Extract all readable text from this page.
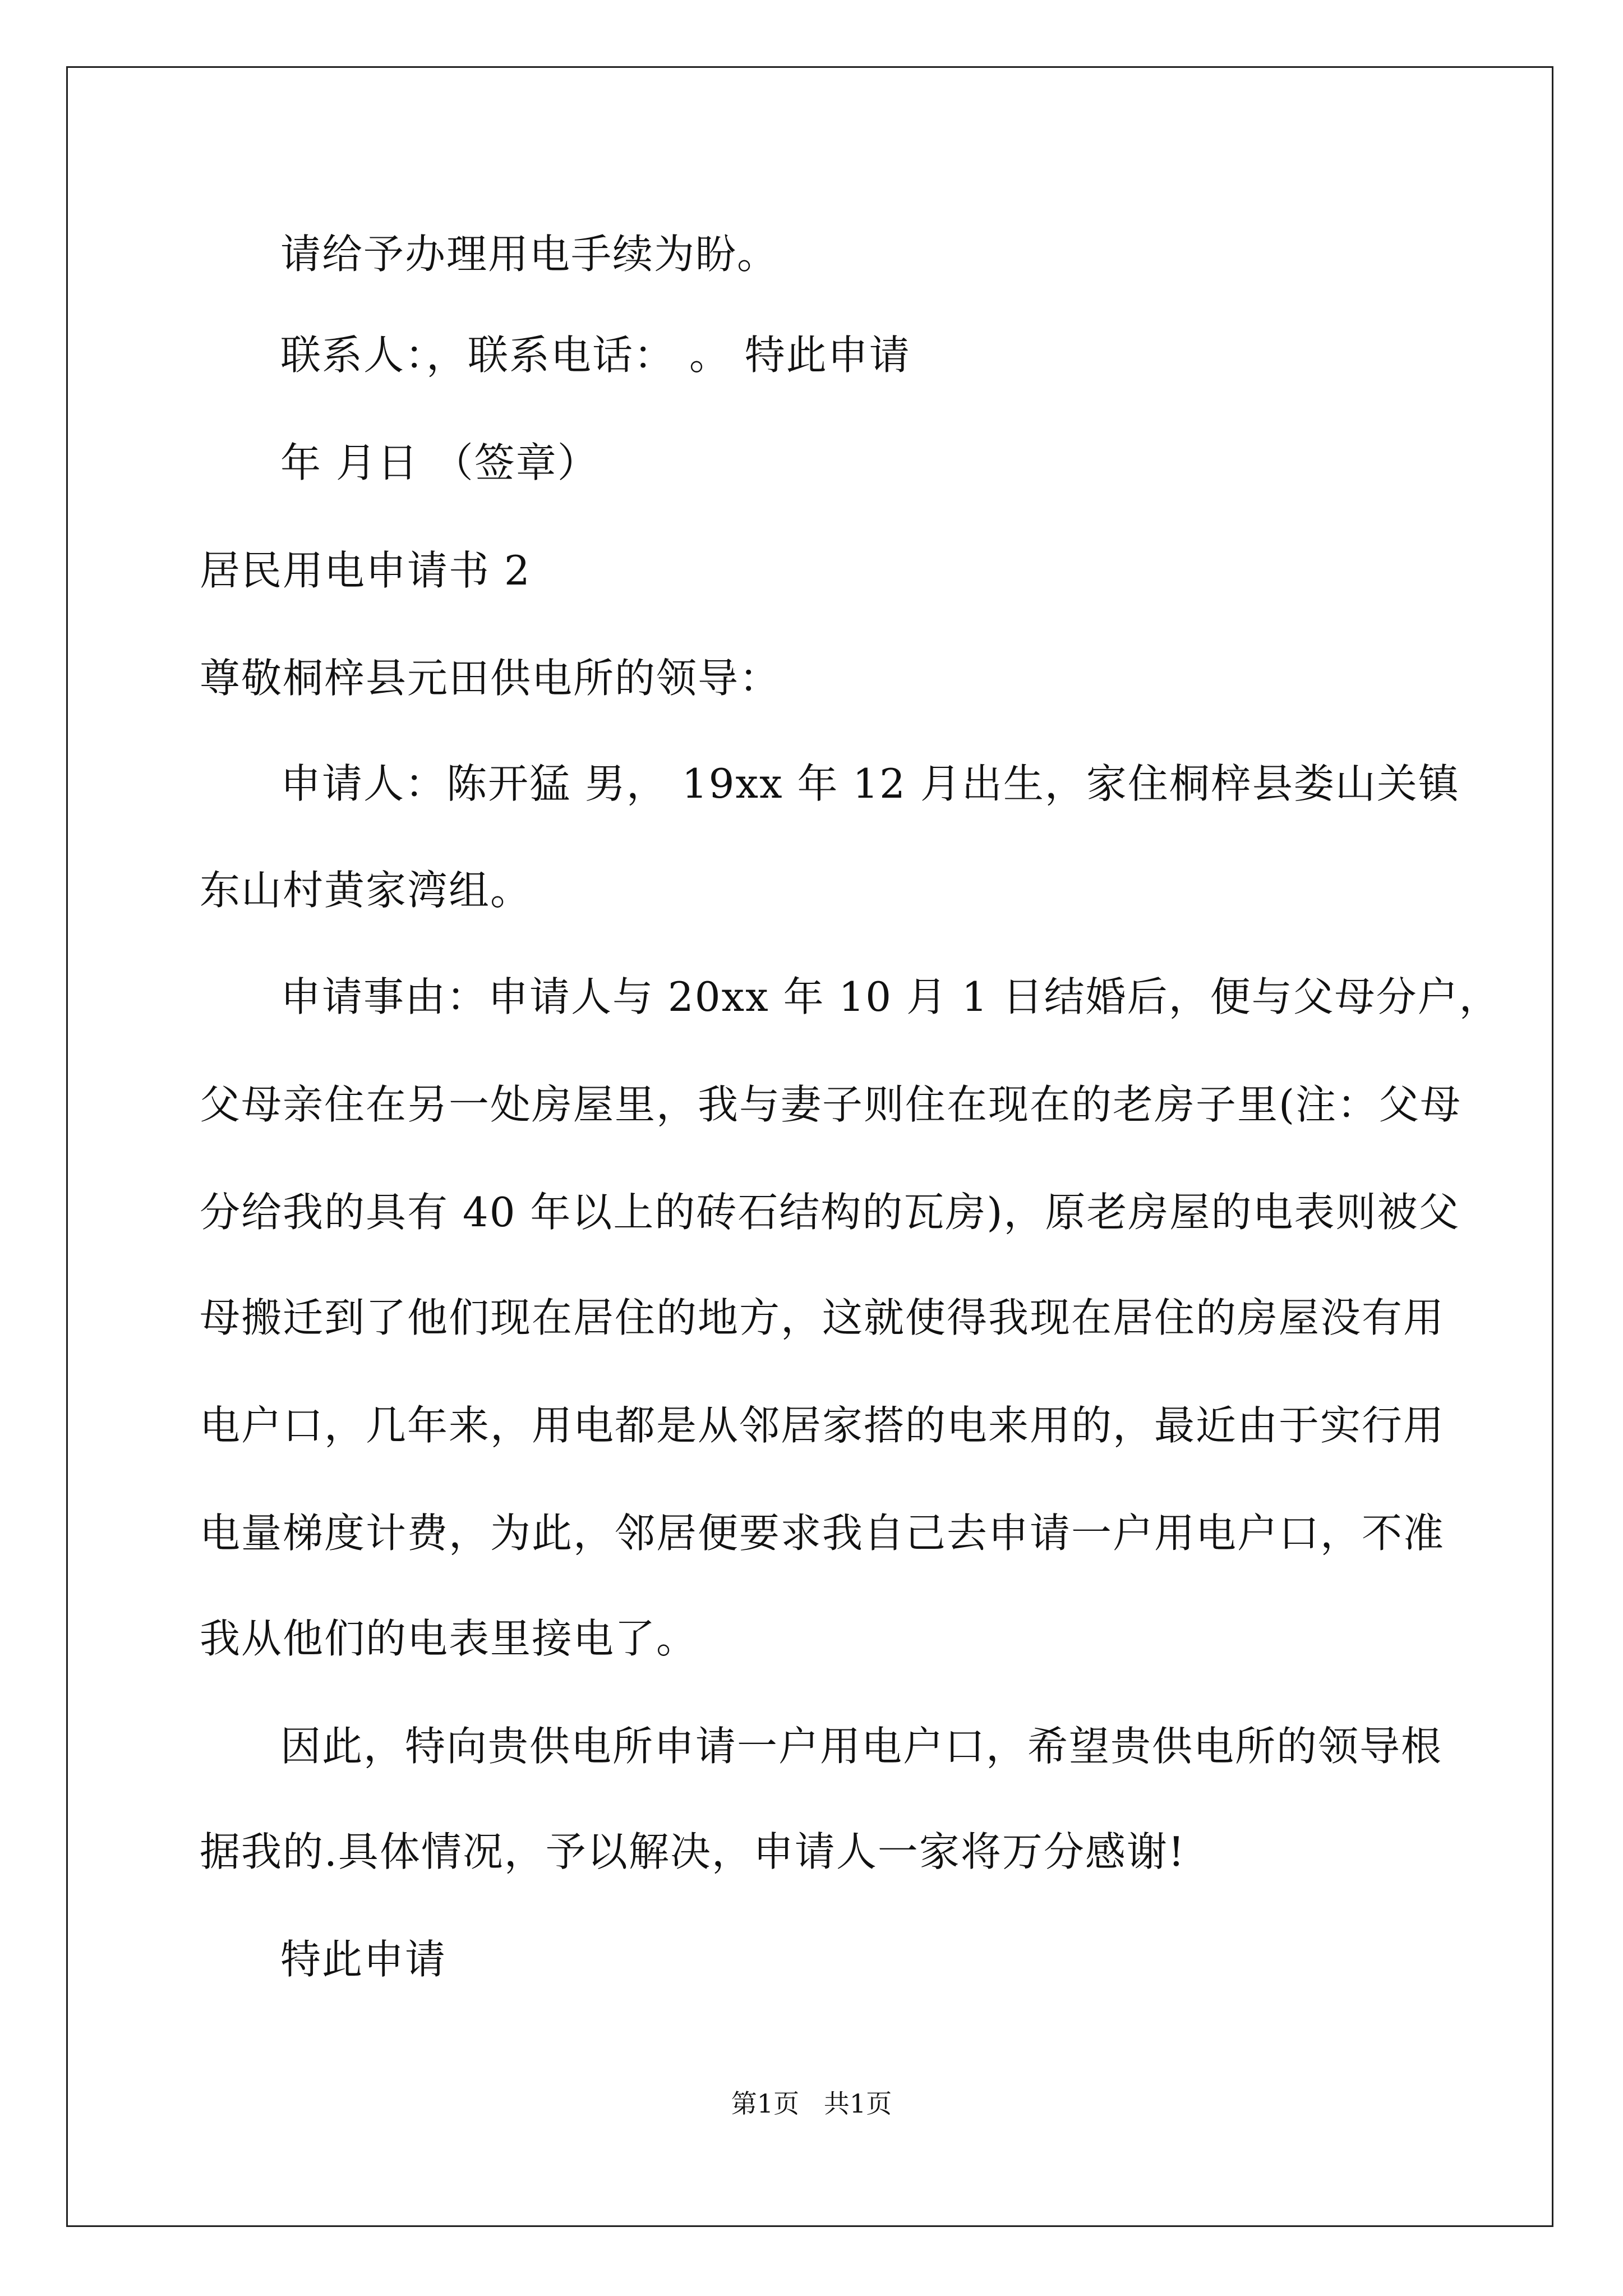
请给予办理用电手续为盼。
联系人：，联系电话： 。 特此申请
年 月日 （签章）
居民用电申请书 2
尊敬桐梓县元田供电所的领导：
申请人：陈开猛 男， 19xx 年 12 月出生，家住桐梓县娄山关镇
东山村黄家湾组。
申请事由：申请人与 20xx 年 10 月 1 日结婚后，便与父母分户，
父母亲住在另一处房屋里，我与妻子则住在现在的老房子里(注：父母
分给我的具有 40 年以上的砖石结构的瓦房)，原老房屋的电表则被父
母搬迁到了他们现在居住的地方，这就使得我现在居住的房屋没有用
电户口，几年来，用电都是从邻居家搭的电来用的，最近由于实行用
电量梯度计费，为此，邻居便要求我自己去申请一户用电户口，不准
我从他们的电表里接电了。
因此，特向贵供电所申请一户用电户口，希望贵供电所的领导根
据我的.具体情况，予以解决，申请人一家将万分感谢!
特此申请
第1页   共1页
